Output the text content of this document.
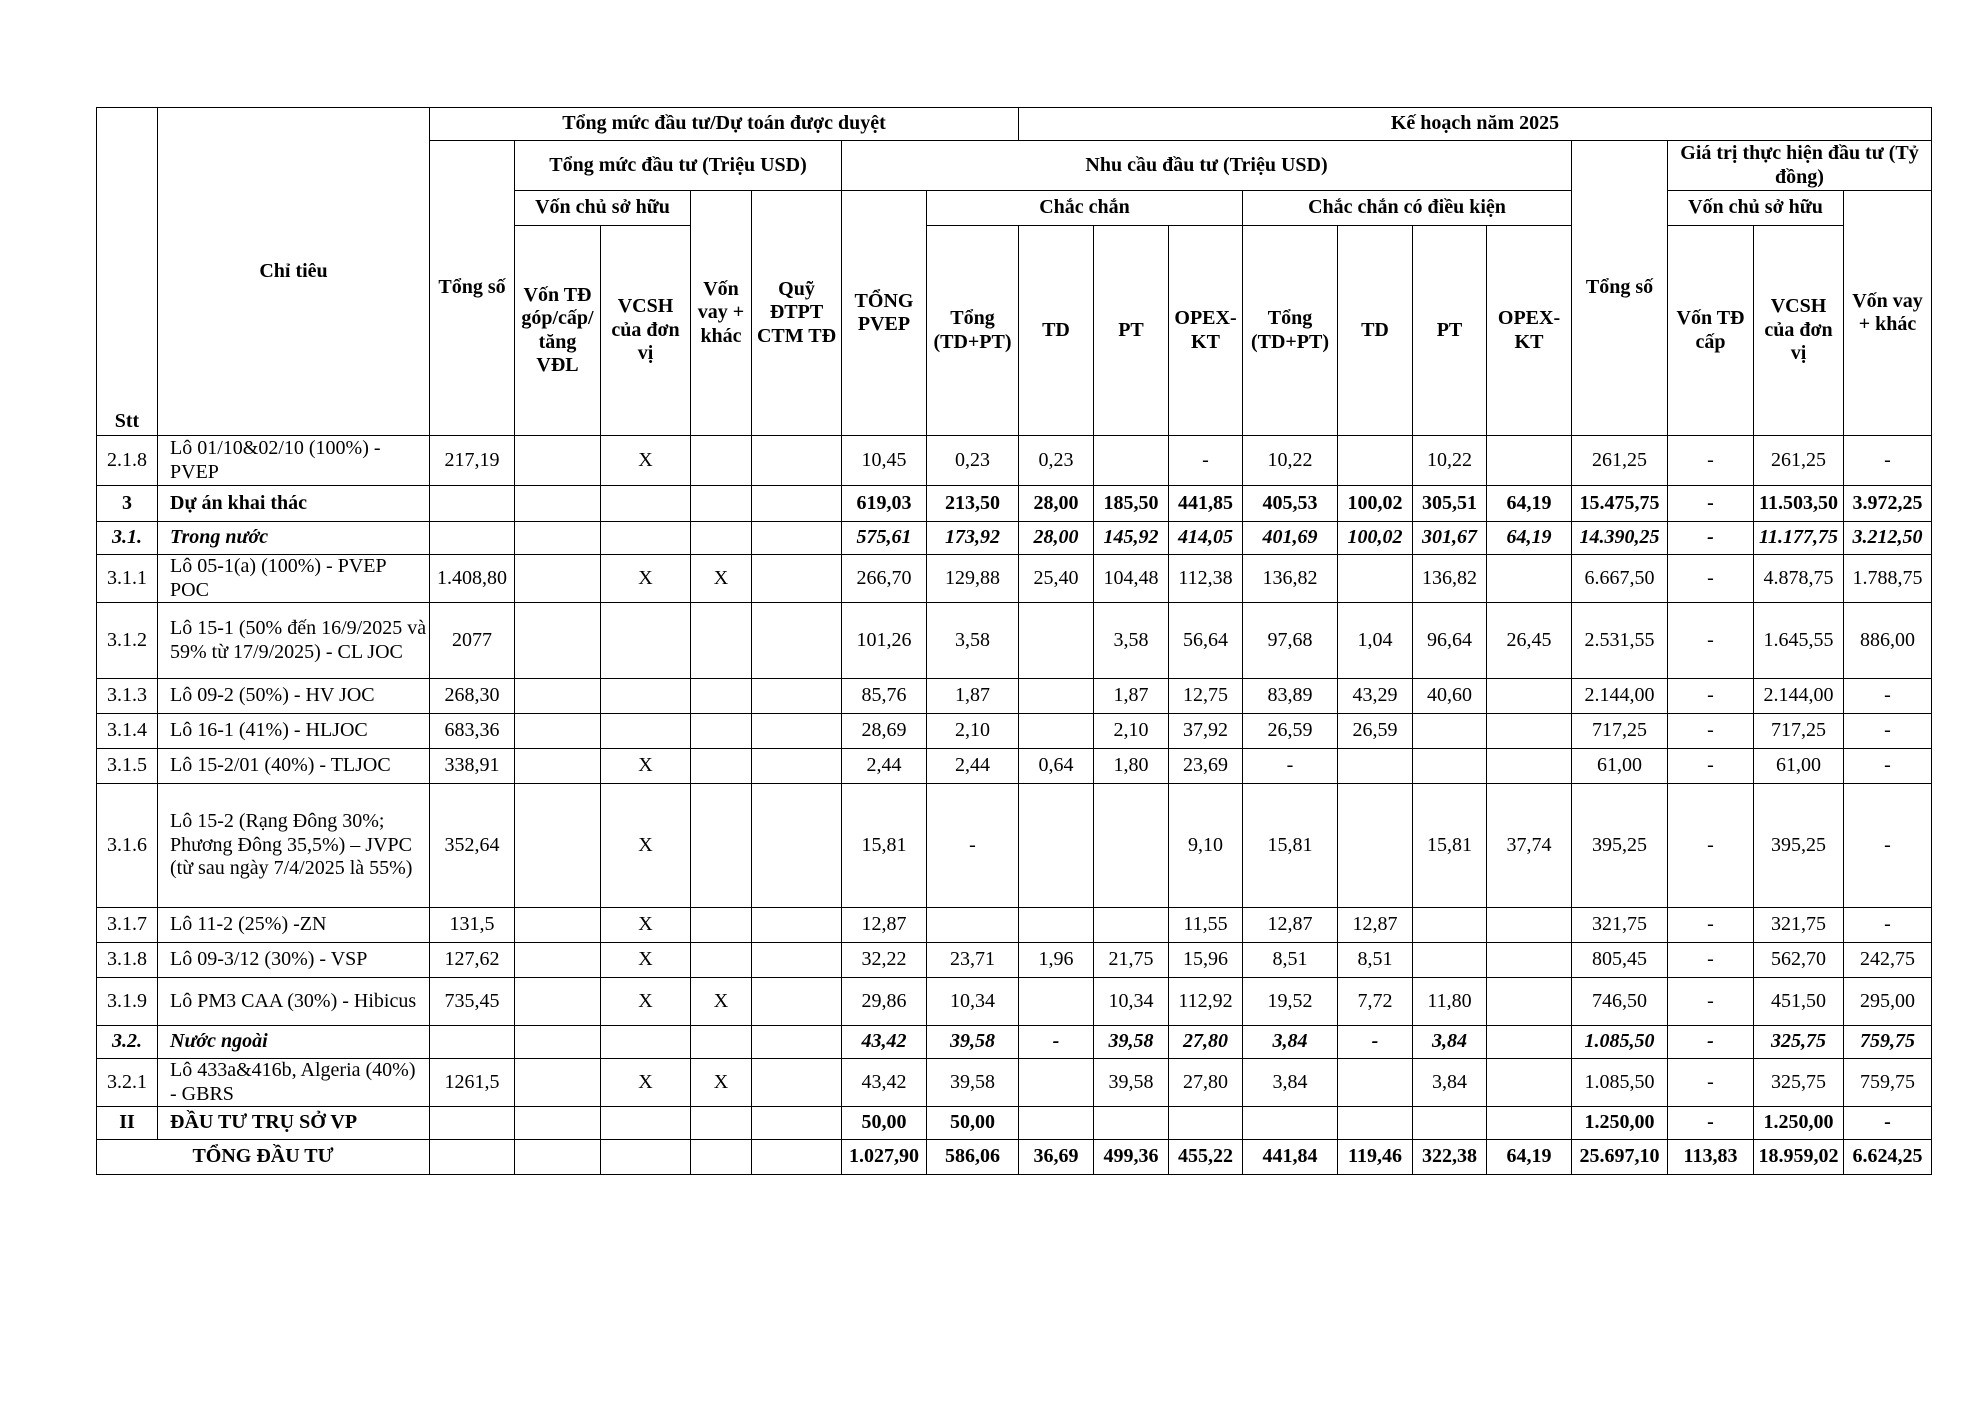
Stt	Chỉ tiêu	Tổng mức đầu tư/Dự toán được duyệt							Kế hoạch năm 2025										
		Tổng số	Tổng mức đầu tư (Triệu USD)				Nhu cầu đầu tư (Triệu USD)									Tổng số	Giá trị thực hiện đầu tư (Tỷ đồng)		
			Vốn chủ sở hữu		Vốn vay + khác	Quỹ ĐTPT CTM TĐ	TỔNG PVEP	Chắc chắn				Chắc chắn có điều kiện					Vốn chủ sở hữu		Vốn vay + khác
			Vốn TĐ góp/cấp/ tăng VĐL	VCSH của đơn vị				Tổng (TD+PT)	TD	PT	OPEX-KT	Tổng (TD+PT)	TD	PT	OPEX-KT		Vốn TĐ cấp	VCSH của đơn vị	
2.1.8	Lô 01/10&02/10 (100%) - PVEP	217,19		X			10,45	0,23	0,23		-	10,22		10,22		261,25	-	261,25	-
3	Dự án khai thác						619,03	213,50	28,00	185,50	441,85	405,53	100,02	305,51	64,19	15.475,75	-	11.503,50	3.972,25
3.1.	Trong nước						575,61	173,92	28,00	145,92	414,05	401,69	100,02	301,67	64,19	14.390,25	-	11.177,75	3.212,50
3.1.1	Lô 05-1(a) (100%) - PVEP POC	1.408,80		X	X		266,70	129,88	25,40	104,48	112,38	136,82		136,82		6.667,50	-	4.878,75	1.788,75
3.1.2	Lô 15-1 (50% đến 16/9/2025 và 59% từ 17/9/2025) - CL JOC	2077					101,26	3,58		3,58	56,64	97,68	1,04	96,64	26,45	2.531,55	-	1.645,55	886,00
3.1.3	Lô 09-2 (50%) - HV JOC	268,30					85,76	1,87		1,87	12,75	83,89	43,29	40,60		2.144,00	-	2.144,00	-
3.1.4	Lô 16-1 (41%) - HLJOC	683,36					28,69	2,10		2,10	37,92	26,59	26,59			717,25	-	717,25	-
3.1.5	Lô 15-2/01 (40%) - TLJOC	338,91		X			2,44	2,44	0,64	1,80	23,69	-				61,00	-	61,00	-
3.1.6	Lô 15-2 (Rạng Đông 30%; Phương Đông 35,5%) – JVPC (từ sau ngày 7/4/2025 là 55%)	352,64		X			15,81	-			9,10	15,81		15,81	37,74	395,25	-	395,25	-
3.1.7	Lô 11-2 (25%) -ZN	131,5		X			12,87				11,55	12,87	12,87			321,75	-	321,75	-
3.1.8	Lô 09-3/12 (30%) - VSP	127,62		X			32,22	23,71	1,96	21,75	15,96	8,51	8,51			805,45	-	562,70	242,75
3.1.9	Lô PM3 CAA (30%) - Hibicus	735,45		X	X		29,86	10,34		10,34	112,92	19,52	7,72	11,80		746,50	-	451,50	295,00
3.2.	Nước ngoài						43,42	39,58	-	39,58	27,80	3,84	-	3,84		1.085,50	-	325,75	759,75
3.2.1	Lô 433a&416b, Algeria (40%) - GBRS	1261,5		X	X		43,42	39,58		39,58	27,80	3,84		3,84		1.085,50	-	325,75	759,75
II	ĐẦU TƯ TRỤ SỞ VP						50,00	50,00								1.250,00	-	1.250,00	-
TỔNG ĐẦU TƯ							1.027,90	586,06	36,69	499,36	455,22	441,84	119,46	322,38	64,19	25.697,10	113,83	18.959,02	6.624,25
